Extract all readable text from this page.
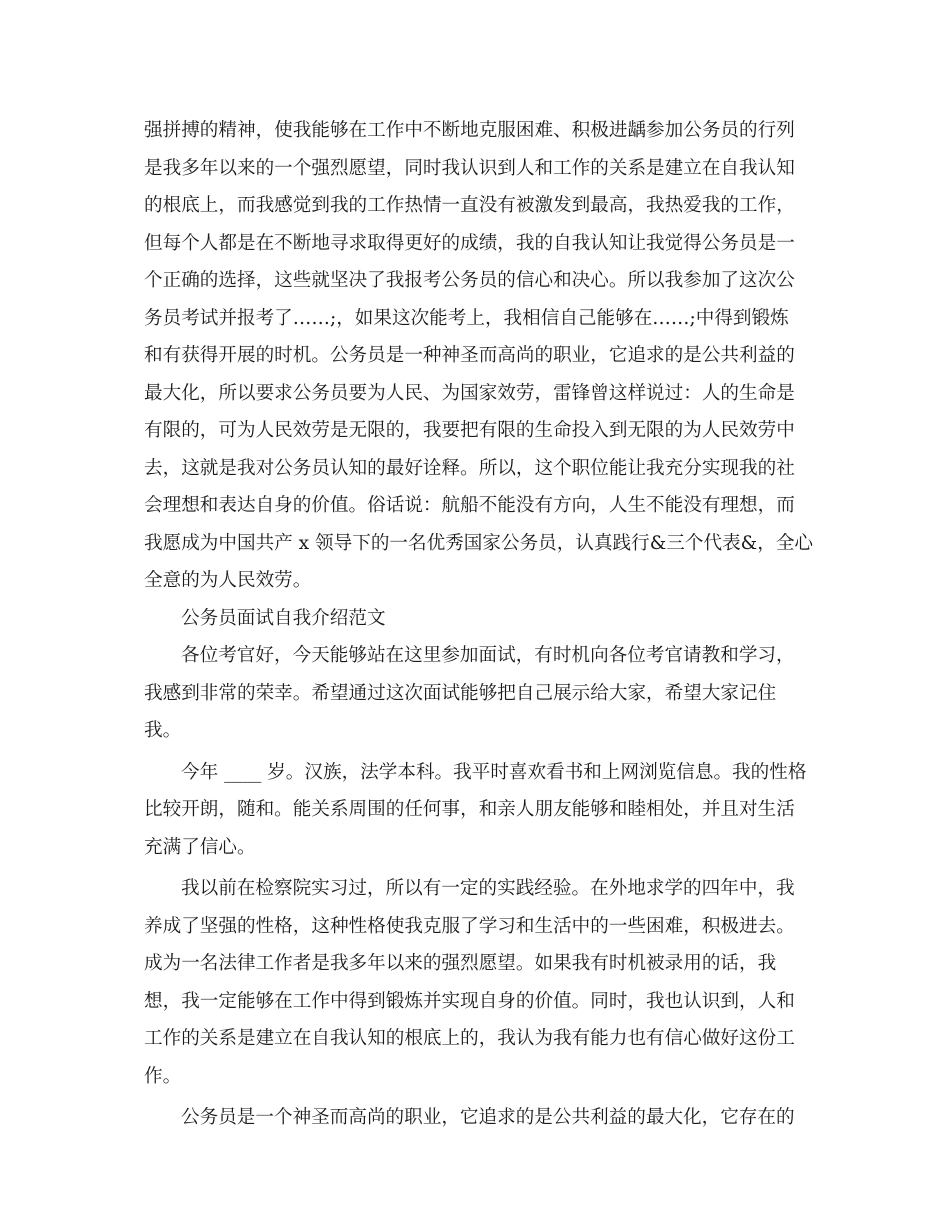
强拼搏的精神，使我能够在工作中不断地克服困难、积极进龋参加公务员的行列
是我多年以来的一个强烈愿望，同时我认识到人和工作的关系是建立在自我认知
的根底上，而我感觉到我的工作热情一直没有被激发到最高，我热爱我的工作，
但每个人都是在不断地寻求取得更好的成绩，我的自我认知让我觉得公务员是一
个正确的选择，这些就坚决了我报考公务员的信心和决心。所以我参加了这次公
务员考试并报考了……;，如果这次能考上，我相信自己能够在……;中得到锻炼
和有获得开展的时机。公务员是一种神圣而高尚的职业，它追求的是公共利益的
最大化，所以要求公务员要为人民、为国家效劳，雷锋曾这样说过：人的生命是
有限的，可为人民效劳是无限的，我要把有限的生命投入到无限的为人民效劳中
去，这就是我对公务员认知的最好诠释。所以，这个职位能让我充分实现我的社
会理想和表达自身的价值。俗话说：航船不能没有方向，人生不能没有理想，而
我愿成为中国共产 x 领导下的一名优秀国家公务员，认真践行&三个代表&，全心
全意的为人民效劳。
公务员面试自我介绍范文
各位考官好，今天能够站在这里参加面试，有时机向各位考官请教和学习，
我感到非常的荣幸。希望通过这次面试能够把自己展示给大家，希望大家记住
我。
今年 ____ 岁。汉族，法学本科。我平时喜欢看书和上网浏览信息。我的性格
比较开朗，随和。能关系周围的任何事，和亲人朋友能够和睦相处，并且对生活
充满了信心。
我以前在检察院实习过，所以有一定的实践经验。在外地求学的四年中，我
养成了坚强的性格，这种性格使我克服了学习和生活中的一些困难，积极进去。
成为一名法律工作者是我多年以来的强烈愿望。如果我有时机被录用的话，我
想，我一定能够在工作中得到锻炼并实现自身的价值。同时，我也认识到，人和
工作的关系是建立在自我认知的根底上的，我认为我有能力也有信心做好这份工
作。
公务员是一个神圣而高尚的职业，它追求的是公共利益的最大化，它存在的
